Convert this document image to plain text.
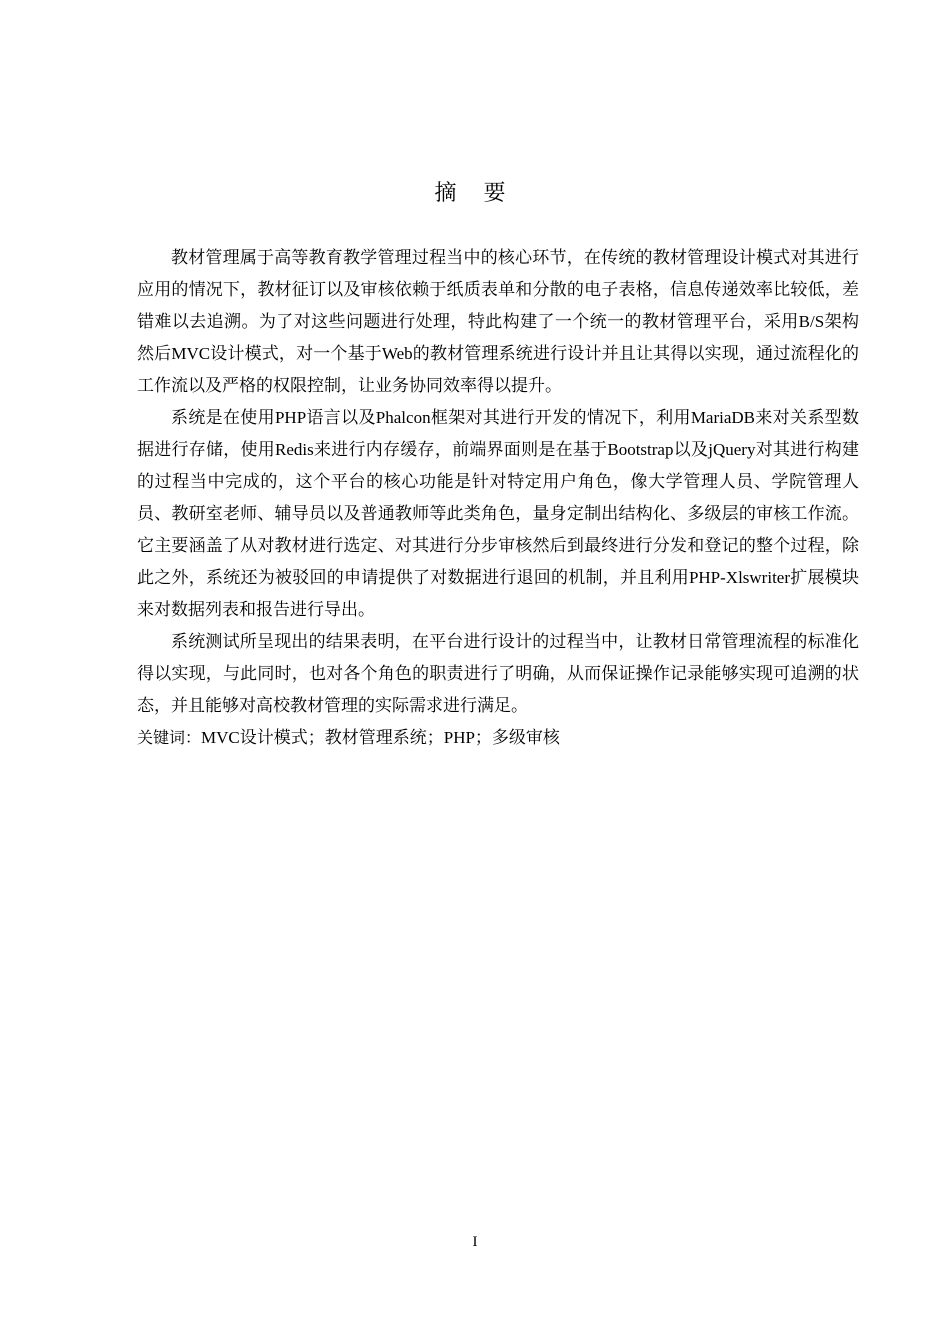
摘 要

教材管理属于高等教育教学管理过程当中的核心环节，在传统的教材管理设计模式对其进行应用的情况下，教材征订以及审核依赖于纸质表单和分散的电子表格，信息传递效率比较低，差错难以去追溯。为了对这些问题进行处理，特此构建了一个统一的教材管理平台，采用B/S架构然后MVC设计模式，对一个基于Web的教材管理系统进行设计并且让其得以实现，通过流程化的工作流以及严格的权限控制，让业务协同效率得以提升。

系统是在使用PHP语言以及Phalcon框架对其进行开发的情况下，利用MariaDB来对关系型数据进行存储，使用Redis来进行内存缓存，前端界面则是在基于Bootstrap以及jQuery对其进行构建的过程当中完成的，这个平台的核心功能是针对特定用户角色，像大学管理人员、学院管理人员、教研室老师、辅导员以及普通教师等此类角色，量身定制出结构化、多级层的审核工作流。它主要涵盖了从对教材进行选定、对其进行分步审核然后到最终进行分发和登记的整个过程，除此之外，系统还为被驳回的申请提供了对数据进行退回的机制，并且利用PHP-Xlswriter扩展模块来对数据列表和报告进行导出。

系统测试所呈现出的结果表明，在平台进行设计的过程当中，让教材日常管理流程的标准化得以实现，与此同时，也对各个角色的职责进行了明确，从而保证操作记录能够实现可追溯的状态，并且能够对高校教材管理的实际需求进行满足。

关键词：MVC设计模式；教材管理系统；PHP；多级审核

I
